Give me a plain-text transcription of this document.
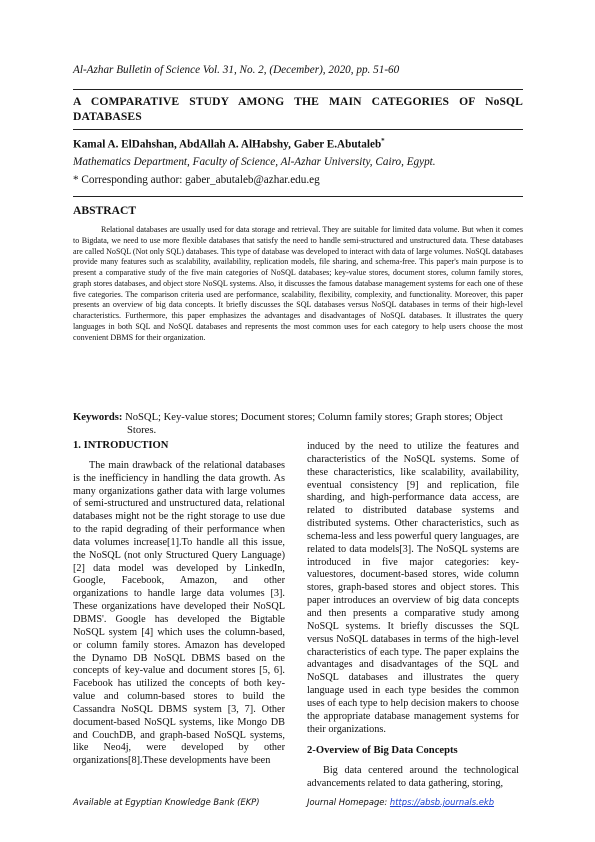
Al-Azhar Bulletin of Science Vol. 31, No. 2, (December), 2020, pp. 51-60
A COMPARATIVE STUDY AMONG THE MAIN CATEGORIES OF NoSQL DATABASES
Kamal A. ElDahshan, AbdAllah A. AlHabshy, Gaber E.Abutaleb*
Mathematics Department, Faculty of Science, Al-Azhar University, Cairo, Egypt.
* Corresponding author: gaber_abutaleb@azhar.edu.eg
ABSTRACT
Relational databases are usually used for data storage and retrieval. They are suitable for limited data volume. But when it comes to Bigdata, we need to use more flexible databases that satisfy the need to handle semi-structured and unstructured data. These databases are called NoSQL (Not only SQL) databases. This type of database was developed to interact with data of large volumes. NoSQL databases provide many features such as scalability, availability, replication models, file sharing, and schema-free. This paper's main purpose is to present a comparative study of the five main categories of NoSQL databases; key-value stores, document stores, column family stores, graph stores databases, and object store NoSQL systems. Also, it discusses the famous database management systems for each one of these five categories. The comparison criteria used are performance, scalability, flexibility, complexity, and functionality. Moreover, this paper presents an overview of big data concepts. It briefly discusses the SQL databases versus NoSQL databases in terms of their high-level characteristics. Furthermore, this paper emphasizes the advantages and disadvantages of NoSQL databases. It illustrates the query languages in both SQL and NoSQL databases and represents the most common uses for each category to help users choose the most convenient DBMS for their organization.
Keywords: NoSQL; Key-value stores; Document stores; Column family stores; Graph stores; Object
Stores.
1. INTRODUCTION

The main drawback of the relational databases is the inefficiency in handling the data growth. As many organizations gather data with large volumes of semi-structured and unstructured data, relational databases might not be the right storage to use due to the rapid degrading of their performance when data volumes increase[1].To handle all this issue, the NoSQL (not only Structured Query Language) [2] data model was developed by LinkedIn, Google, Facebook, Amazon, and other organizations to handle large data volumes [3]. These organizations have developed their NoSQL DBMS'. Google has developed the Bigtable NoSQL system [4] which uses the column-based, or column family stores. Amazon has developed the Dynamo DB NoSQL DBMS based on the concepts of key-value and document stores [5, 6]. Facebook has utilized the concepts of both key-value and column-based stores to build the Cassandra NoSQL DBMS system [3, 7]. Other document-based NoSQL systems, like Mongo DB and CouchDB, and graph-based NoSQL systems, like Neo4j, were developed by other organizations[8].These developments have been

induced by the need to utilize the features and characteristics of the NoSQL systems. Some of these characteristics, like scalability, availability, eventual consistency [9] and replication, file sharding, and high-performance data access, are related to distributed database systems and distributed systems. Other characteristics, such as schema-less and less powerful query languages, are related to data models[3]. The NoSQL systems are introduced in five major categories: key-valuestores, document-based stores, wide column stores, graph-based stores and object stores. This paper introduces an overview of big data concepts and then presents a comparative study among NoSQL systems. It briefly discusses the SQL versus NoSQL databases in terms of the high-level characteristics of each type. The paper explains the advantages and disadvantages of the SQL and NoSQL databases and illustrates the query language used in each type besides the common uses of each type to help decision makers to choose the appropriate database management systems for their organizations.

2-Overview of Big Data Concepts

Big data centered around the technological advancements related to data gathering, storing,

Available at Egyptian Knowledge Bank (EKP)	Journal Homepage: https://absb.journals.ekb
